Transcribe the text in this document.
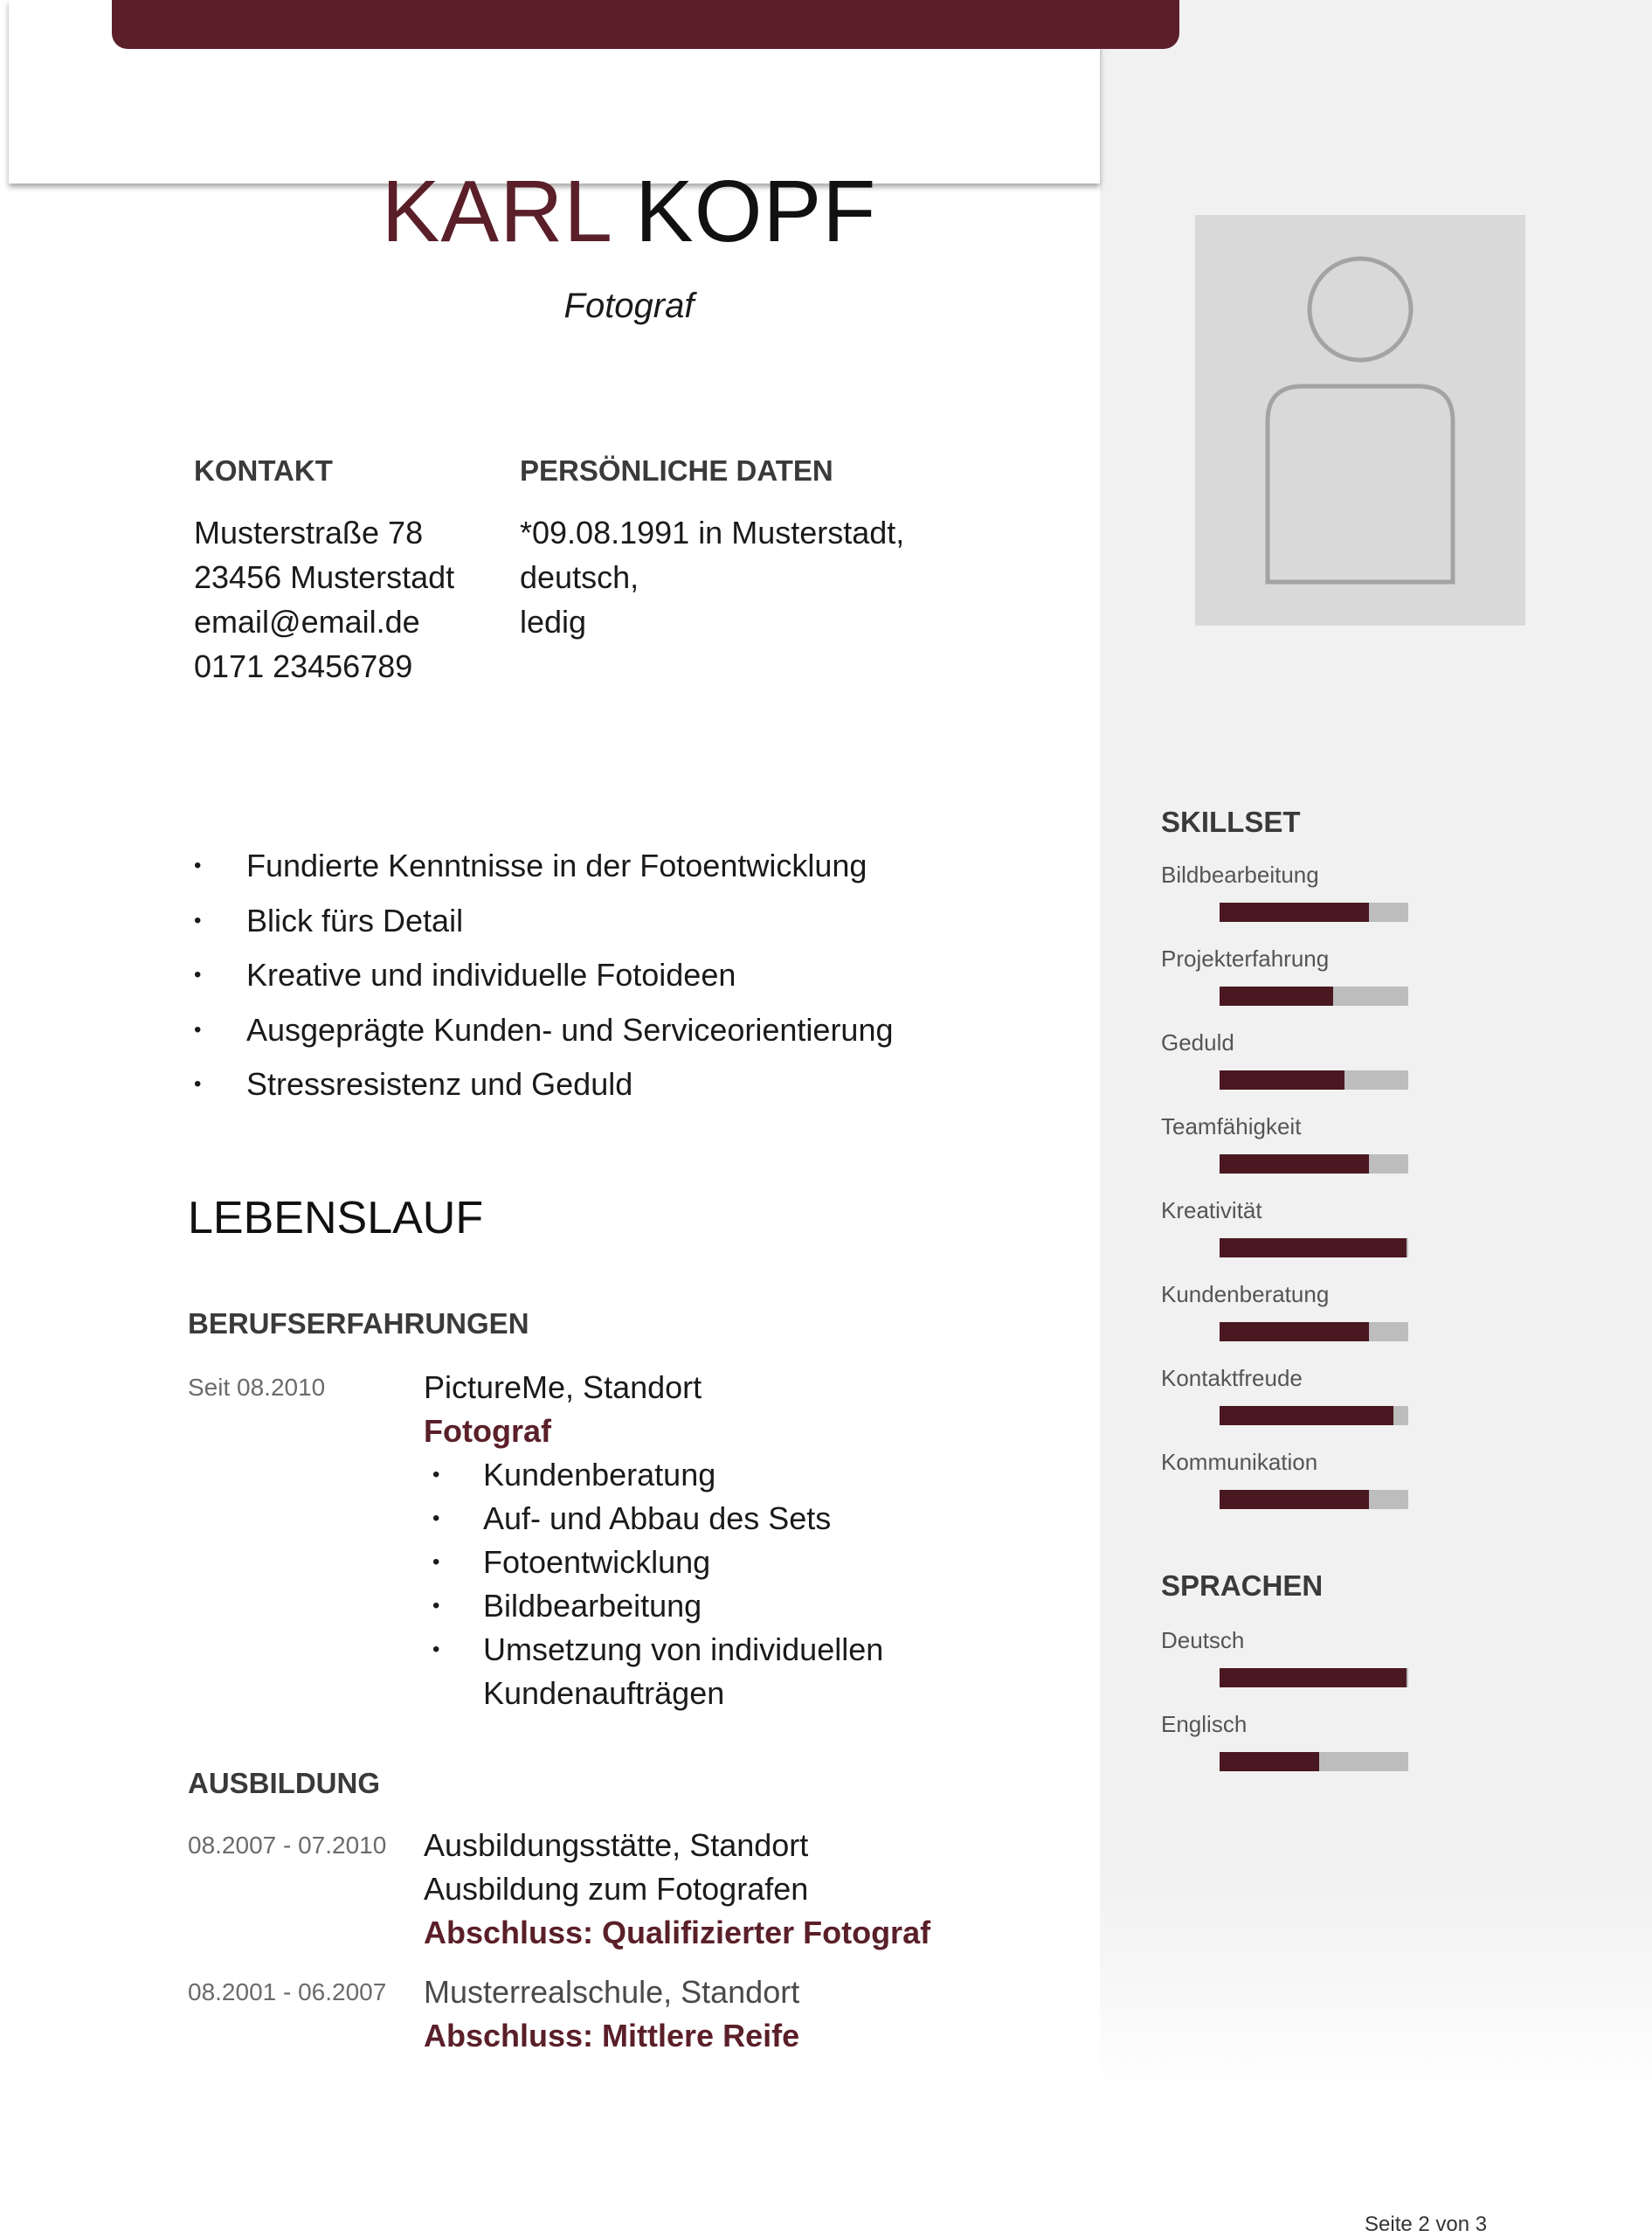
KARL KOPF
Fotograf
KONTAKT
Musterstraße 78
23456 Musterstadt
email@email.de
0171 23456789
PERSÖNLICHE DATEN
*09.08.1991 in Musterstadt,
deutsch,
ledig
• Fundierte Kenntnisse in der Fotoentwicklung
• Blick fürs Detail
• Kreative und individuelle Fotoideen
• Ausgeprägte Kunden- und Serviceorientierung
• Stressresistenz und Geduld
LEBENSLAUF
BERUFSERFAHRUNGEN
Seit 08.2010	PictureMe, Standort
Fotograf
• Kundenberatung
• Auf- und Abbau des Sets
• Fotoentwicklung
• Bildbearbeitung
• Umsetzung von individuellen Kundenaufträgen
AUSBILDUNG
08.2007 - 07.2010 Ausbildungsstätte, Standort
Ausbildung zum Fotografen
Abschluss: Qualifizierter Fotograf
08.2001 - 06.2007 Musterrealschule, Standort
Abschluss: Mittlere Reife
SKILLSET
Bildbearbeitung
Projekterfahrung
Geduld
Teamfähigkeit
Kreativität
Kundenberatung
Kontaktfreude
Kommunikation
SPRACHEN
Deutsch
Englisch
Seite 2 von 3
